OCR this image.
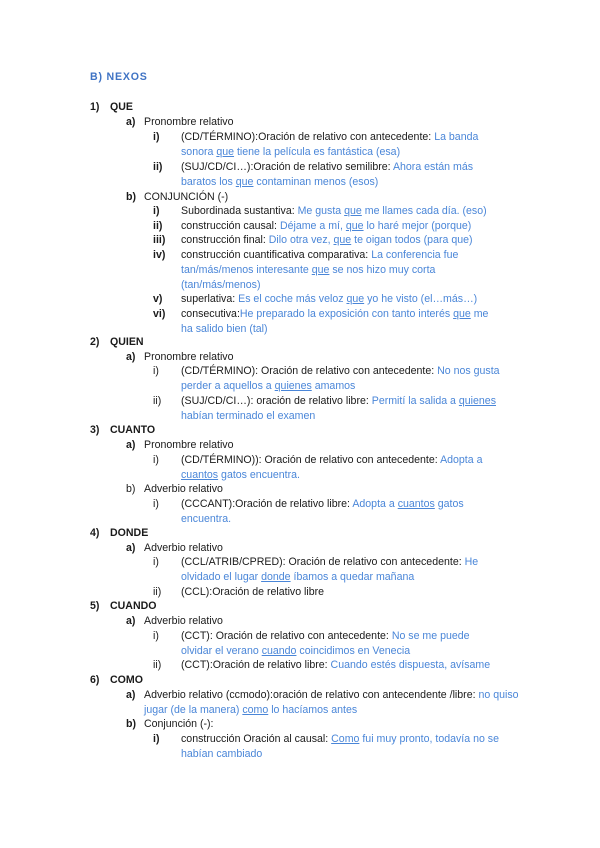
B) NEXOS
1) QUE
a) Pronombre relativo
i)	(CD/TÉRMINO):Oración de relativo con antecedente: La banda sonora que tiene la película es fantástica (esa)
ii)	(SUJ/CD/CI…):Oración de relativo semilibre: Ahora están más baratos los que contaminan menos (esos)
b) CONJUNCIÓN (-)
i)	Subordinada sustantiva: Me gusta que me llames cada día. (eso)
ii)	construcción causal: Déjame a mí, que lo haré mejor (porque)
iii)	construcción final: Dilo otra vez, que te oigan todos (para que)
iv)	construcción cuantificativa comparativa: La conferencia fue tan/más/menos interesante que se nos hizo muy corta (tan/más/menos)
v)	superlativa: Es el coche más veloz que yo he visto (el…más…)
vi)	consecutiva:He preparado la exposición con tanto interés que me ha salido bien (tal)
2) QUIEN
a) Pronombre relativo
i)	(CD/TÉRMINO): Oración de relativo con antecedente: No nos gusta perder a aquellos a quienes amamos
ii)	(SUJ/CD/CI…): oración de relativo libre: Permití la salida a quienes habían terminado el examen
3) CUANTO
a) Pronombre relativo
i)	(CD/TÉRMINO)): Oración de relativo con antecedente: Adopta a cuantos gatos encuentra.
b) Adverbio relativo
i)	(CCCANT):Oración de relativo libre: Adopta a cuantos gatos encuentra.
4) DONDE
a) Adverbio relativo
i)	(CCL/ATRIB/CPRED): Oración de relativo con antecedente: He olvidado el lugar donde íbamos a quedar mañana
ii)	(CCL):Oración de relativo libre
5) CUANDO
a) Adverbio relativo
i)	(CCT): Oración de relativo con antecedente: No se me puede olvidar el verano cuando coincidimos en Venecia
ii)	(CCT):Oración de relativo libre: Cuando estés dispuesta, avísame
6) COMO
a) Adverbio relativo (ccmodo):oración de relativo con antecendente /libre: no quiso jugar (de la manera) como lo hacíamos antes
b) Conjunción (-):
i)	construcción Oración al causal: Como fui muy pronto, todavía no se habían cambiado
